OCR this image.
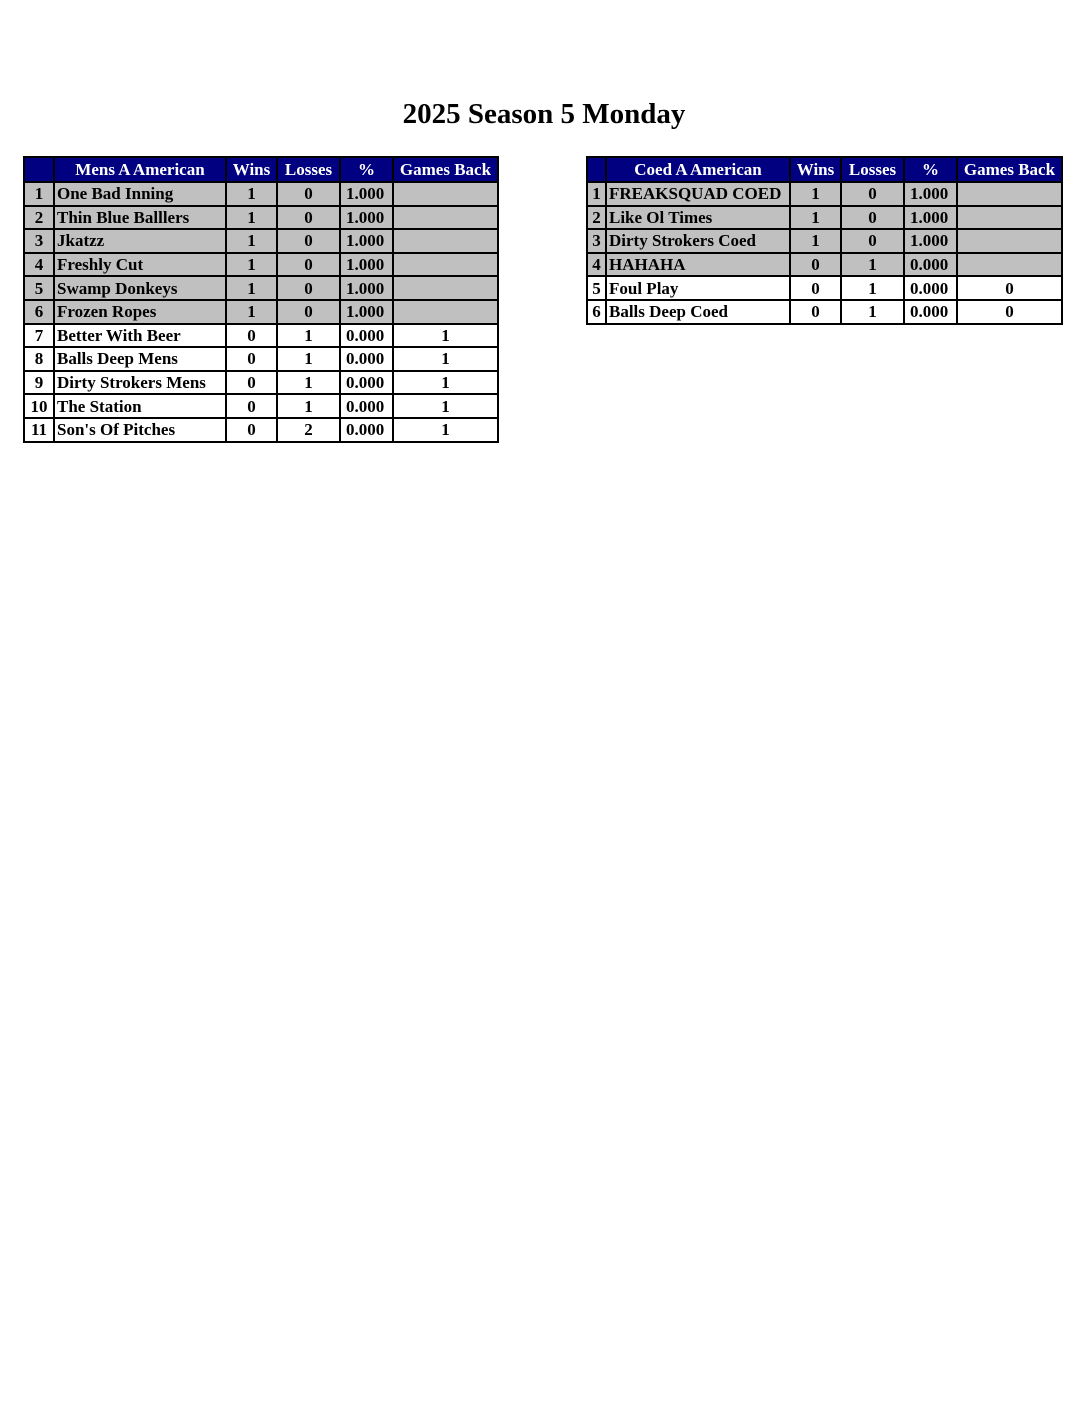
2025 Season 5 Monday
	Mens A American	Wins	Losses	%	Games Back
1	One Bad Inning	1	0	1.000	
2	Thin Blue Balllers	1	0	1.000	
3	Jkatzz	1	0	1.000	
4	Freshly Cut	1	0	1.000	
5	Swamp Donkeys	1	0	1.000	
6	Frozen Ropes	1	0	1.000	
7	Better With Beer	0	1	0.000	1
8	Balls Deep Mens	0	1	0.000	1
9	Dirty Strokers Mens	0	1	0.000	1
10	The Station	0	1	0.000	1
11	Son's Of Pitches	0	2	0.000	1
	Coed A American	Wins	Losses	%	Games Back
1	FREAKSQUAD COED	1	0	1.000	
2	Like Ol Times	1	0	1.000	
3	Dirty Strokers Coed	1	0	1.000	
4	HAHAHA	0	1	0.000	
5	Foul Play	0	1	0.000	0
6	Balls Deep Coed	0	1	0.000	0
